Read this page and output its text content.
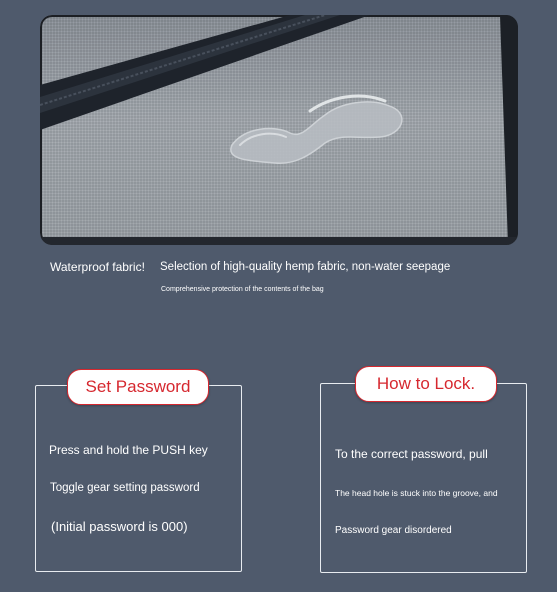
Waterproof fabric! Selection of high-quality hemp fabric, non-water seepage
Comprehensive protection of the contents of the bag
Set Password
Press and hold the PUSH key
Toggle gear setting password
(Initial password is 000)
How to Lock.
To the correct password, pull
The head hole is stuck into the groove, and
Password gear disordered
